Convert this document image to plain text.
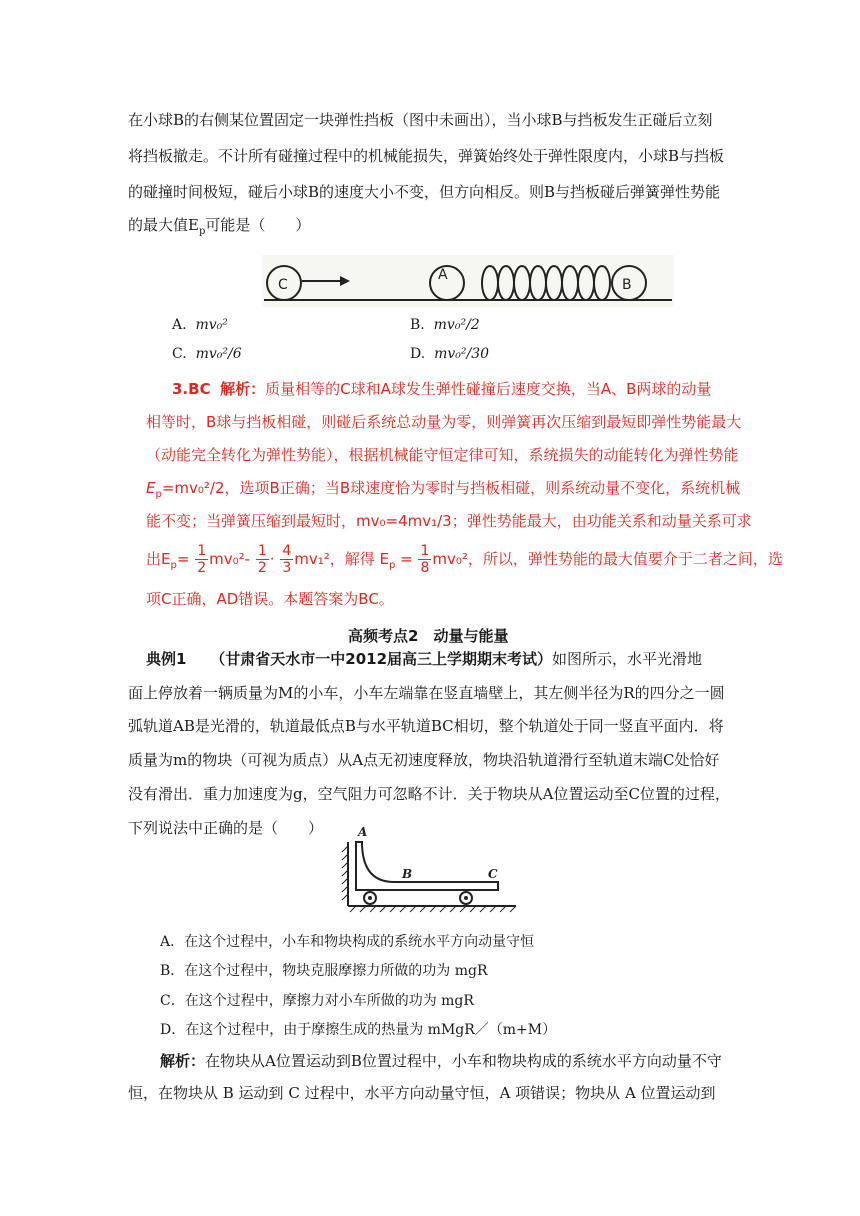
在小球B的右侧某位置固定一块弹性挡板（图中未画出），当小球B与挡板发生正碰后立刻
将挡板撤走。不计所有碰撞过程中的机械能损失，弹簧始终处于弹性限度内，小球B与挡板
的碰撞时间极短，碰后小球B的速度大小不变，但方向相反。则B与挡板碰后弹簧弹性势能
的最大值$E_p$可能是（　　）
C
A
B
A. mv₀²	B. mv₀²/2
C. mv₀²/6	D. mv₀²/30
3.BC 解析：质量相等的C球和A球发生弹性碰撞后速度交换，当A、B两球的动量
相等时，B球与挡板相碰，则碰后系统总动量为零，则弹簧再次压缩到最短即弹性势能最大
（动能完全转化为弹性势能），根据机械能守恒定律可知，系统损失的动能转化为弹性势能
$E_p=mv_0^2/2$，选项B正确；当B球速度恰为零时与挡板相碰，则系统动量不变化，系统机械
能不变；当弹簧压缩到最短时，mv₀=4mv₁/3；弹性势能最大，由功能关系和动量关系可求
出$E_p= \frac{1}{2} mv_0^2- \frac{1}{2} \cdot \frac{4}{3} mv_1^2$，解得 $E_p = \frac{1}{8} mv_0^2$，所以，弹性势能的最大值要介于二者之间，选
项C正确，AD错误。本题答案为BC。
高频考点2　动量与能量
典例1 （甘肃省天水市一中2012届高三上学期期末考试）如图所示，水平光滑地
面上停放着一辆质量为M的小车，小车左端靠在竖直墙壁上，其左侧半径为R的四分之一圆
弧轨道AB是光滑的，轨道最低点B与水平轨道BC相切，整个轨道处于同一竖直平面内．将
质量为m的物块（可视为质点）从A点无初速度释放，物块沿轨道滑行至轨道末端C处恰好
没有滑出．重力加速度为g，空气阻力可忽略不计．关于物块从A位置运动至C位置的过程，
下列说法中正确的是（　　）	A
B	C
A．在这个过程中，小车和物块构成的系统水平方向动量守恒
B．在这个过程中，物块克服摩擦力所做的功为 mgR
C．在这个过程中，摩擦力对小车所做的功为 mgR
D．在这个过程中，由于摩擦生成的热量为 mMgR／（m+M）
解析：在物块从A位置运动到B位置过程中，小车和物块构成的系统水平方向动量不守
恒，在物块从 B 运动到 C 过程中，水平方向动量守恒，A 项错误；物块从 A 位置运动到
